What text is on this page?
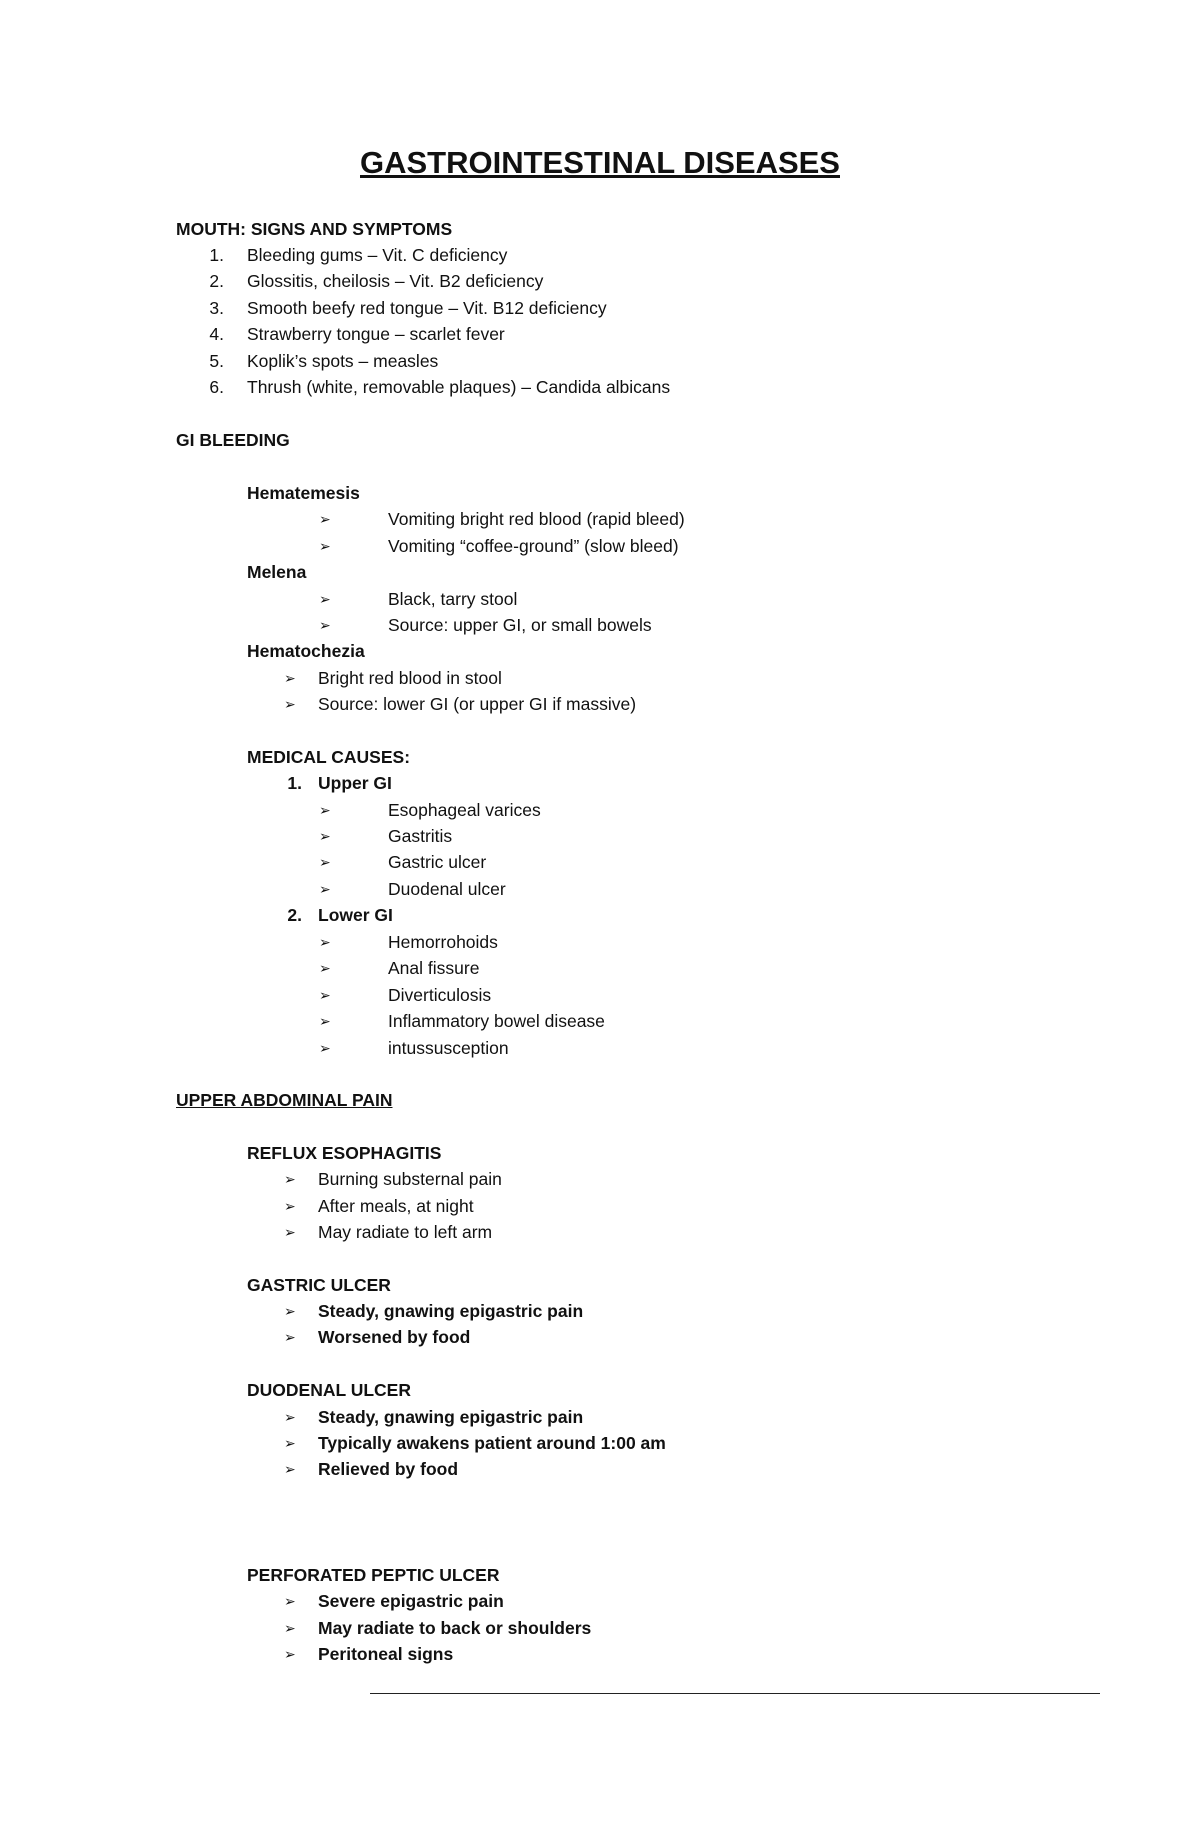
GASTROINTESTINAL DISEASES
MOUTH: SIGNS AND SYMPTOMS
1. Bleeding gums – Vit. C deficiency
2. Glossitis, cheilosis – Vit. B2 deficiency
3. Smooth beefy red tongue – Vit. B12 deficiency
4. Strawberry tongue – scarlet fever
5. Koplik’s spots – measles
6. Thrush (white, removable plaques) – Candida albicans
GI BLEEDING
Hematemesis
➢	Vomiting bright red blood (rapid bleed)
➢	Vomiting “coffee-ground” (slow bleed)
Melena
➢	Black, tarry stool
➢	Source: upper GI, or small bowels
Hematochezia
➢ Bright red blood in stool
➢ Source: lower GI (or upper GI if massive)
MEDICAL CAUSES:
1. Upper GI
➢	Esophageal varices
➢	Gastritis
➢	Gastric ulcer
➢	Duodenal ulcer
2. Lower GI
➢	Hemorrohoids
➢	Anal fissure
➢	Diverticulosis
➢	Inflammatory bowel disease
➢	intussusception
UPPER ABDOMINAL PAIN
REFLUX ESOPHAGITIS
➢ Burning substernal pain
➢ After meals, at night
➢ May radiate to left arm
GASTRIC ULCER
➢ Steady, gnawing epigastric pain
➢ Worsened by food
DUODENAL ULCER
➢ Steady, gnawing epigastric pain
➢ Typically awakens patient around 1:00 am
➢ Relieved by food
PERFORATED PEPTIC ULCER
➢ Severe epigastric pain
➢ May radiate to back or shoulders
➢ Peritoneal signs
